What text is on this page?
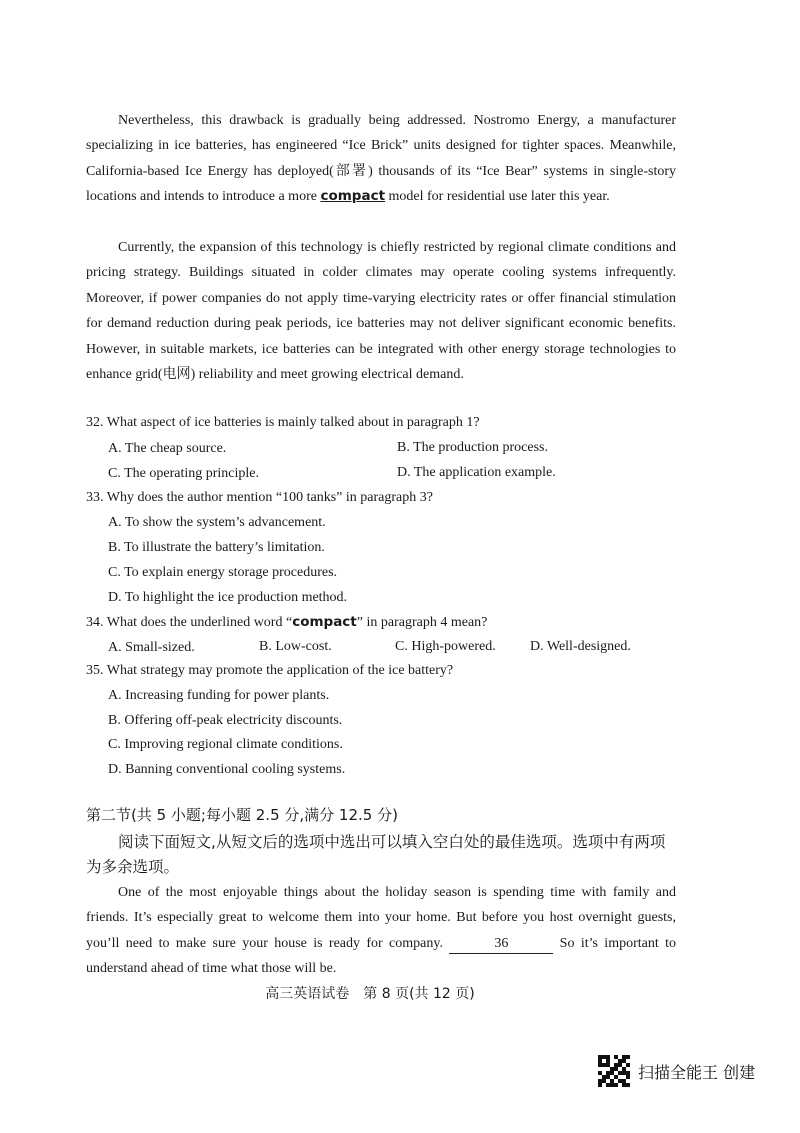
Nevertheless, this drawback is gradually being addressed. Nostromo Energy, a manufacturer specializing in ice batteries, has engineered “Ice Brick” units designed for tighter spaces. Meanwhile, California-based Ice Energy has deployed(部署) thousands of its “Ice Bear” systems in single-story locations and intends to introduce a more compact model for residential use later this year.

Currently, the expansion of this technology is chiefly restricted by regional climate conditions and pricing strategy. Buildings situated in colder climates may operate cooling systems infrequently. Moreover, if power companies do not apply time-varying electricity rates or offer financial stimulation for demand reduction during peak periods, ice batteries may not deliver significant economic benefits. However, in suitable markets, ice batteries can be integrated with other energy storage technologies to enhance grid(电网) reliability and meet growing electrical demand.

32. What aspect of ice batteries is mainly talked about in paragraph 1?
A. The cheap source.	B. The production process.
C. The operating principle.	D. The application example.
33. Why does the author mention “100 tanks” in paragraph 3?
A. To show the system’s advancement.
B. To illustrate the battery’s limitation.
C. To explain energy storage procedures.
D. To highlight the ice production method.
34. What does the underlined word “compact” in paragraph 4 mean?
A. Small-sized.	B. Low-cost.	C. High-powered. D. Well-designed.
35. What strategy may promote the application of the ice battery?
A. Increasing funding for power plants.
B. Offering off-peak electricity discounts.
C. Improving regional climate conditions.
D. Banning conventional cooling systems.
第二节(共 5 小题;每小题 2.5 分,满分 12.5 分)

阅读下面短文,从短文后的选项中选出可以填入空白处的最佳选项。选项中有两项为多余选项。

One of the most enjoyable things about the holiday season is spending time with family and friends. It’s especially great to welcome them into your home. But before you host overnight guests, you’ll need to make sure your house is ready for company.	36	So it’s important to understand ahead of time what those will be.

高三英语试卷　第 8 页(共 12 页)
扫描全能王 创建
